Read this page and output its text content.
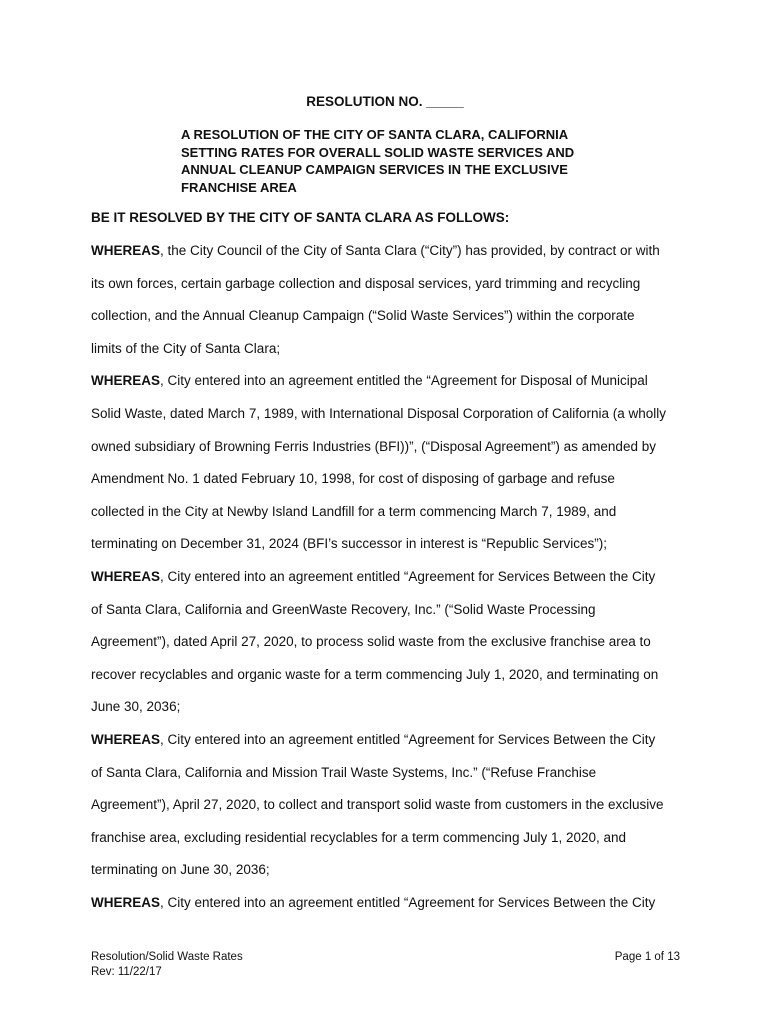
RESOLUTION NO. _____
A RESOLUTION OF THE CITY OF SANTA CLARA, CALIFORNIA
SETTING RATES FOR OVERALL SOLID WASTE SERVICES AND
ANNUAL CLEANUP CAMPAIGN SERVICES IN THE EXCLUSIVE
FRANCHISE AREA
BE IT RESOLVED BY THE CITY OF SANTA CLARA AS FOLLOWS:
WHEREAS, the City Council of the City of Santa Clara (“City”) has provided, by contract or with
its own forces, certain garbage collection and disposal services, yard trimming and recycling
collection, and the Annual Cleanup Campaign (“Solid Waste Services”) within the corporate
limits of the City of Santa Clara;
WHEREAS, City entered into an agreement entitled the “Agreement for Disposal of Municipal
Solid Waste, dated March 7, 1989, with International Disposal Corporation of California (a wholly
owned subsidiary of Browning Ferris Industries (BFI))”, (“Disposal Agreement”) as amended by
Amendment No. 1 dated February 10, 1998, for cost of disposing of garbage and refuse
collected in the City at Newby Island Landfill for a term commencing March 7, 1989, and
terminating on December 31, 2024 (BFI’s successor in interest is “Republic Services”);
WHEREAS, City entered into an agreement entitled “Agreement for Services Between the City
of Santa Clara, California and GreenWaste Recovery, Inc.” (“Solid Waste Processing
Agreement”), dated April 27, 2020, to process solid waste from the exclusive franchise area to
recover recyclables and organic waste for a term commencing July 1, 2020, and terminating on
June 30, 2036;
WHEREAS, City entered into an agreement entitled “Agreement for Services Between the City
of Santa Clara, California and Mission Trail Waste Systems, Inc.” (“Refuse Franchise
Agreement”), April 27, 2020, to collect and transport solid waste from customers in the exclusive
franchise area, excluding residential recyclables for a term commencing July 1, 2020, and
terminating on June 30, 2036;
WHEREAS, City entered into an agreement entitled “Agreement for Services Between the City
Resolution/Solid Waste Rates
Rev: 11/22/17
Page 1 of 13
